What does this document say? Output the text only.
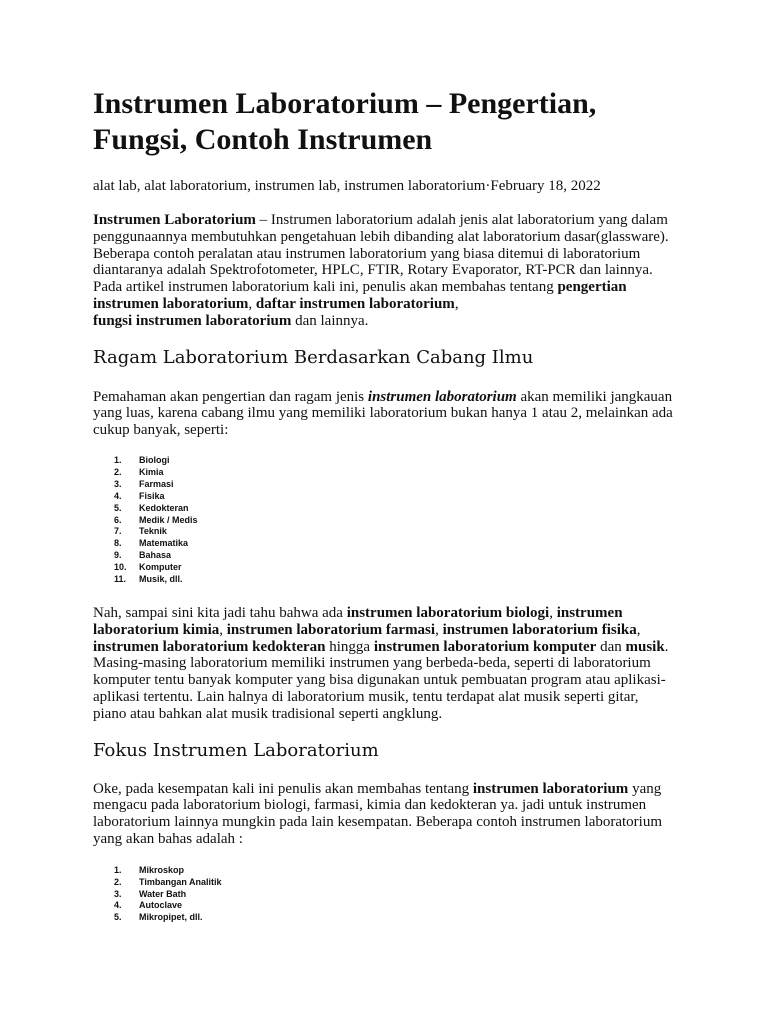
Instrumen Laboratorium – Pengertian, Fungsi, Contoh Instrumen
alat lab, alat laboratorium, instrumen lab, instrumen laboratorium·February 18, 2022

Instrumen Laboratorium – Instrumen laboratorium adalah jenis alat laboratorium yang dalam penggunaannya membutuhkan pengetahuan lebih dibanding alat laboratorium dasar(glassware). Beberapa contoh peralatan atau instrumen laboratorium yang biasa ditemui di laboratorium diantaranya adalah Spektrofotometer, HPLC, FTIR, Rotary Evaporator, RT-PCR dan lainnya. Pada artikel instrumen laboratorium kali ini, penulis akan membahas tentang pengertian instrumen laboratorium, daftar instrumen laboratorium,
fungsi instrumen laboratorium dan lainnya.

Ragam Laboratorium Berdasarkan Cabang Ilmu

Pemahaman akan pengertian dan ragam jenis instrumen laboratorium akan memiliki jangkauan yang luas, karena cabang ilmu yang memiliki laboratorium bukan hanya 1 atau 2, melainkan ada cukup banyak, seperti:

1.	Biologi
2.	Kimia
3.	Farmasi
4.	Fisika
5.	Kedokteran
6.	Medik / Medis
7.	Teknik
8.	Matematika
9.	Bahasa
10.	Komputer
11.	Musik, dll.

Nah, sampai sini kita jadi tahu bahwa ada instrumen laboratorium biologi, instrumen laboratorium kimia, instrumen laboratorium farmasi, instrumen laboratorium fisika, instrumen laboratorium kedokteran hingga instrumen laboratorium komputer dan musik. Masing-masing laboratorium memiliki instrumen yang berbeda-beda, seperti di laboratorium komputer tentu banyak komputer yang bisa digunakan untuk pembuatan program atau aplikasi-aplikasi tertentu. Lain halnya di laboratorium musik, tentu terdapat alat musik seperti gitar, piano atau bahkan alat musik tradisional seperti angklung.

Fokus Instrumen Laboratorium

Oke, pada kesempatan kali ini penulis akan membahas tentang instrumen laboratorium yang mengacu pada laboratorium biologi, farmasi, kimia dan kedokteran ya. jadi untuk instrumen laboratorium lainnya mungkin pada lain kesempatan. Beberapa contoh instrumen laboratorium yang akan bahas adalah :

1.	Mikroskop
2.	Timbangan Analitik
3.	Water Bath
4.	Autoclave
5.	Mikropipet, dll.
